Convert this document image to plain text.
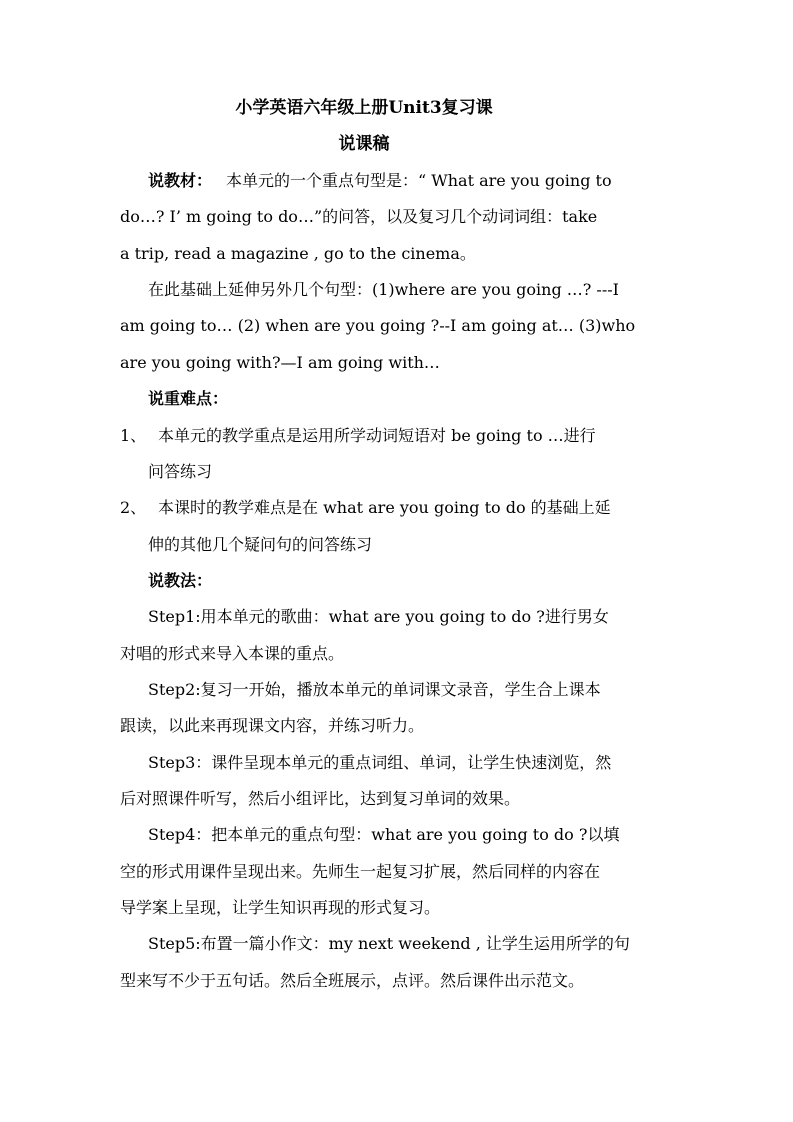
小学英语六年级上册Unit3复习课
说课稿
说教材： 本单元的一个重点句型是：“ What are you going to
do…? I’ m going to do…”的问答，以及复习几个动词词组：take
a trip, read a magazine , go to the cinema。
在此基础上延伸另外几个句型：(1)where are you going …? ---I
am going to… (2) when are you going ?--I am going at… (3)who
are you going with?—I am going with…
说重难点：
1、 本单元的教学重点是运用所学动词短语对 be going to …进行
问答练习
2、 本课时的教学难点是在 what are you going to do 的基础上延
伸的其他几个疑问句的问答练习
说教法：
Step1:用本单元的歌曲：what are you going to do ?进行男女
对唱的形式来导入本课的重点。
Step2:复习一开始，播放本单元的单词课文录音，学生合上课本
跟读，以此来再现课文内容，并练习听力。
Step3：课件呈现本单元的重点词组、单词，让学生快速浏览，然
后对照课件听写，然后小组评比，达到复习单词的效果。
Step4：把本单元的重点句型：what are you going to do ?以填
空的形式用课件呈现出来。先师生一起复习扩展，然后同样的内容在
导学案上呈现，让学生知识再现的形式复习。
Step5:布置一篇小作文：my next weekend , 让学生运用所学的句
型来写不少于五句话。然后全班展示，点评。然后课件出示范文。
